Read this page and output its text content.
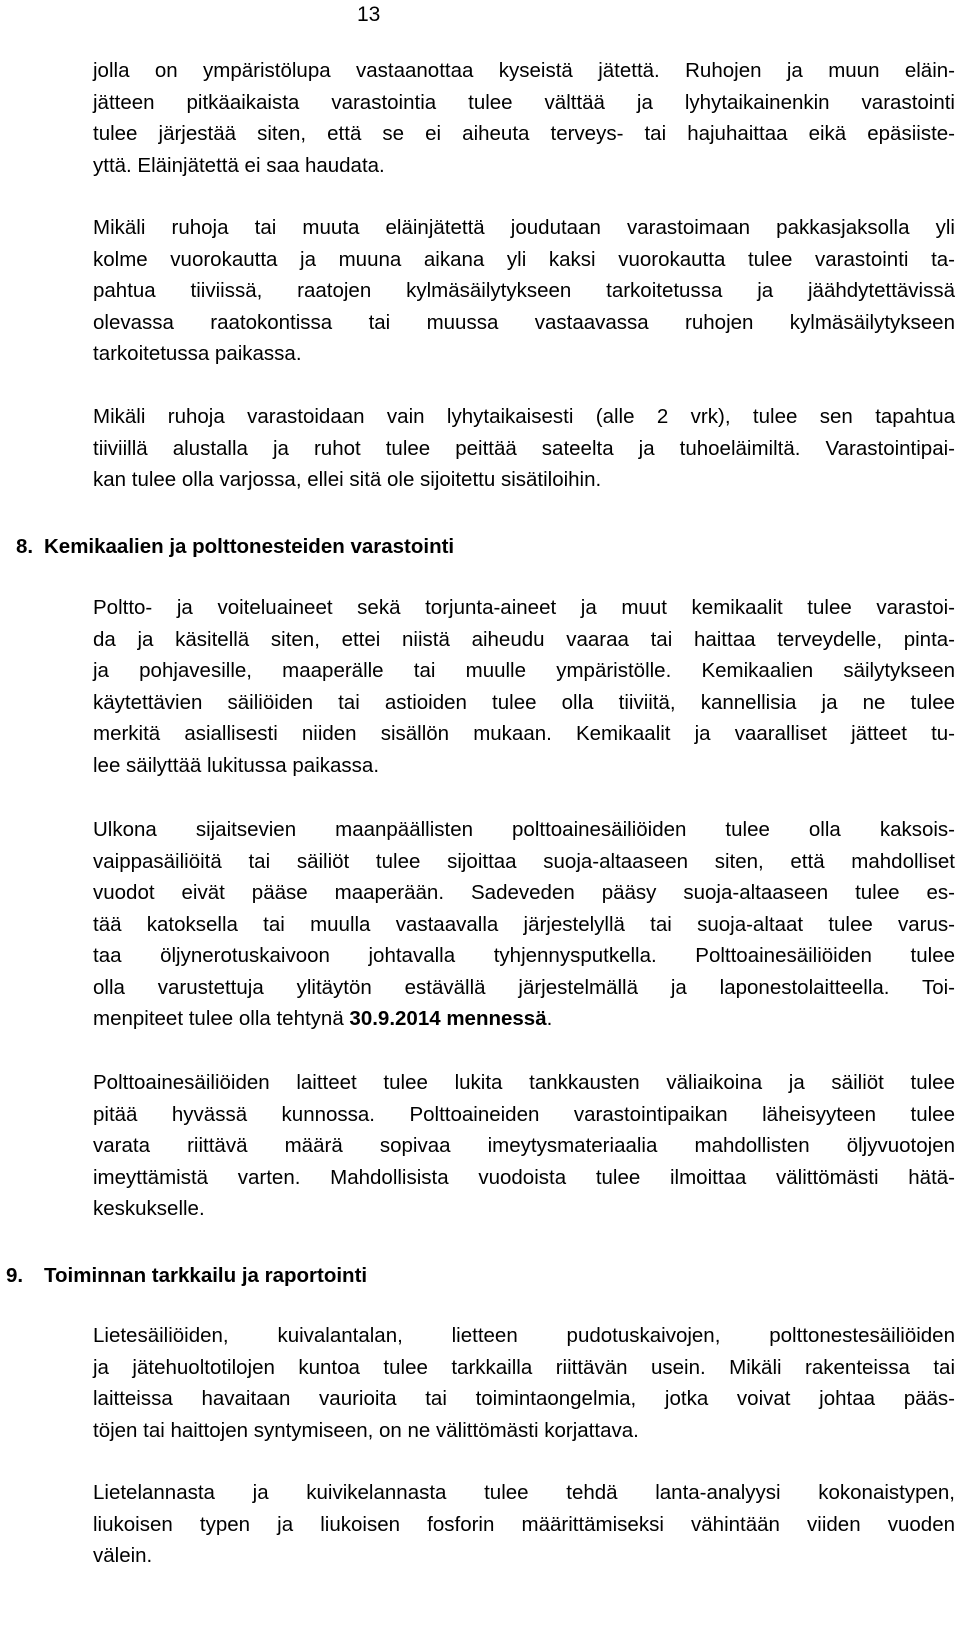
13
jolla on ympäristölupa vastaanottaa kyseistä jätettä. Ruhojen ja muun eläin-
jätteen pitkäaikaista varastointia tulee välttää ja lyhytaikainenkin varastointi
tulee järjestää siten, että se ei aiheuta terveys- tai hajuhaittaa eikä epäsiiste-
yttä. Eläinjätettä ei saa haudata.
Mikäli ruhoja tai muuta eläinjätettä joudutaan varastoimaan pakkasjaksolla yli
kolme vuorokautta ja muuna aikana yli kaksi vuorokautta tulee varastointi ta-
pahtua tiiviissä, raatojen kylmäsäilytykseen tarkoitetussa ja jäähdytettävissä
olevassa raatokontissa tai muussa vastaavassa ruhojen kylmäsäilytykseen
tarkoitetussa paikassa.
Mikäli ruhoja varastoidaan vain lyhytaikaisesti (alle 2 vrk), tulee sen tapahtua
tiiviillä alustalla ja ruhot tulee peittää sateelta ja tuhoeläimiltä. Varastointipai-
kan tulee olla varjossa, ellei sitä ole sijoitettu sisätiloihin.
8. Kemikaalien ja polttonesteiden varastointi
Poltto- ja voiteluaineet sekä torjunta-aineet ja muut kemikaalit tulee varastoi-
da ja käsitellä siten, ettei niistä aiheudu vaaraa tai haittaa terveydelle, pinta-
ja pohjavesille, maaperälle tai muulle ympäristölle. Kemikaalien säilytykseen
käytettävien säiliöiden tai astioiden tulee olla tiiviitä, kannellisia ja ne tulee
merkitä asiallisesti niiden sisällön mukaan. Kemikaalit ja vaaralliset jätteet tu-
lee säilyttää lukitussa paikassa.
Ulkona sijaitsevien maanpäällisten polttoainesäiliöiden tulee olla kaksois-
vaippasäiliöitä tai säiliöt tulee sijoittaa suoja-altaaseen siten, että mahdolliset
vuodot eivät pääse maaperään. Sadeveden pääsy suoja-altaaseen tulee es-
tää katoksella tai muulla vastaavalla järjestelyllä tai suoja-altaat tulee varus-
taa öljynerotuskaivoon johtavalla tyhjennysputkella. Polttoainesäiliöiden tulee
olla varustettuja ylitäytön estävällä järjestelmällä ja laponestolaitteella. Toi-
menpiteet tulee olla tehtynä 30.9.2014 mennessä.
Polttoainesäiliöiden laitteet tulee lukita tankkausten väliaikoina ja säiliöt tulee
pitää hyvässä kunnossa. Polttoaineiden varastointipaikan läheisyyteen tulee
varata riittävä määrä sopivaa imeytysmateriaalia mahdollisten öljyvuotojen
imeyttämistä varten. Mahdollisista vuodoista tulee ilmoittaa välittömästi hätä-
keskukselle.
9. Toiminnan tarkkailu ja raportointi
Lietesäiliöiden, kuivalantalan, lietteen pudotuskaivojen, polttonestesäiliöiden
ja jätehuoltotilojen kuntoa tulee tarkkailla riittävän usein. Mikäli rakenteissa tai
laitteissa havaitaan vaurioita tai toimintaongelmia, jotka voivat johtaa pääs-
töjen tai haittojen syntymiseen, on ne välittömästi korjattava.
Lietelannasta ja kuivikelannasta tulee tehdä lanta-analyysi kokonaistypen,
liukoisen typen ja liukoisen fosforin määrittämiseksi vähintään viiden vuoden
välein.
